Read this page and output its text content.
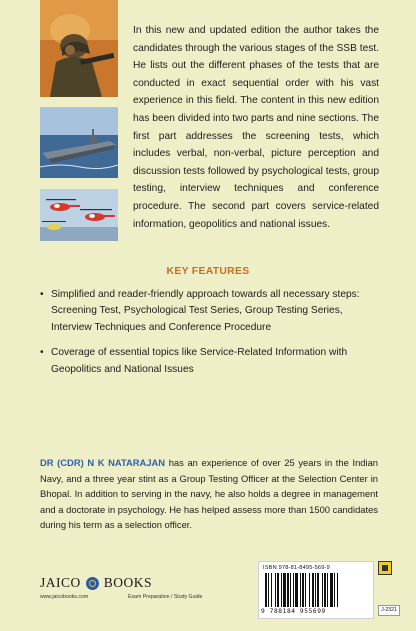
In this new and updated edition the author takes the candidates through the various stages of the SSB test. He lists out the different phases of the tests that are conducted in exact sequential order with his vast experience in this field. The content in this new edition has been divided into two parts and nine sections. The first part addresses the screening tests, which includes verbal, non-verbal, picture perception and discussion tests followed by psychological tests, group testing, interview techniques and conference procedure. The second part covers service-related information, geopolitics and national issues.

KEY FEATURES
• Simplified and reader-friendly approach towards all necessary steps: Screening Test, Psychological Test Series, Group Testing Series, Interview Techniques and Conference Procedure
• Coverage of essential topics like Service-Related Information with Geopolitics and National Issues

DR (CDR) N K NATARAJAN has an experience of over 25 years in the Indian Navy, and a three year stint as a Group Testing Officer at the Selection Center in Bhopal. In addition to serving in the navy, he also holds a degree in management and a doctorate in psychology. He has helped assess more than 1500 candidates during his term as a selection officer.

JAICO BOOKS
www.jaicobooks.com	Exam Preparation / Study Guide
ISBN 978-81-8495-569-9
9 788184 955699	J-2321
